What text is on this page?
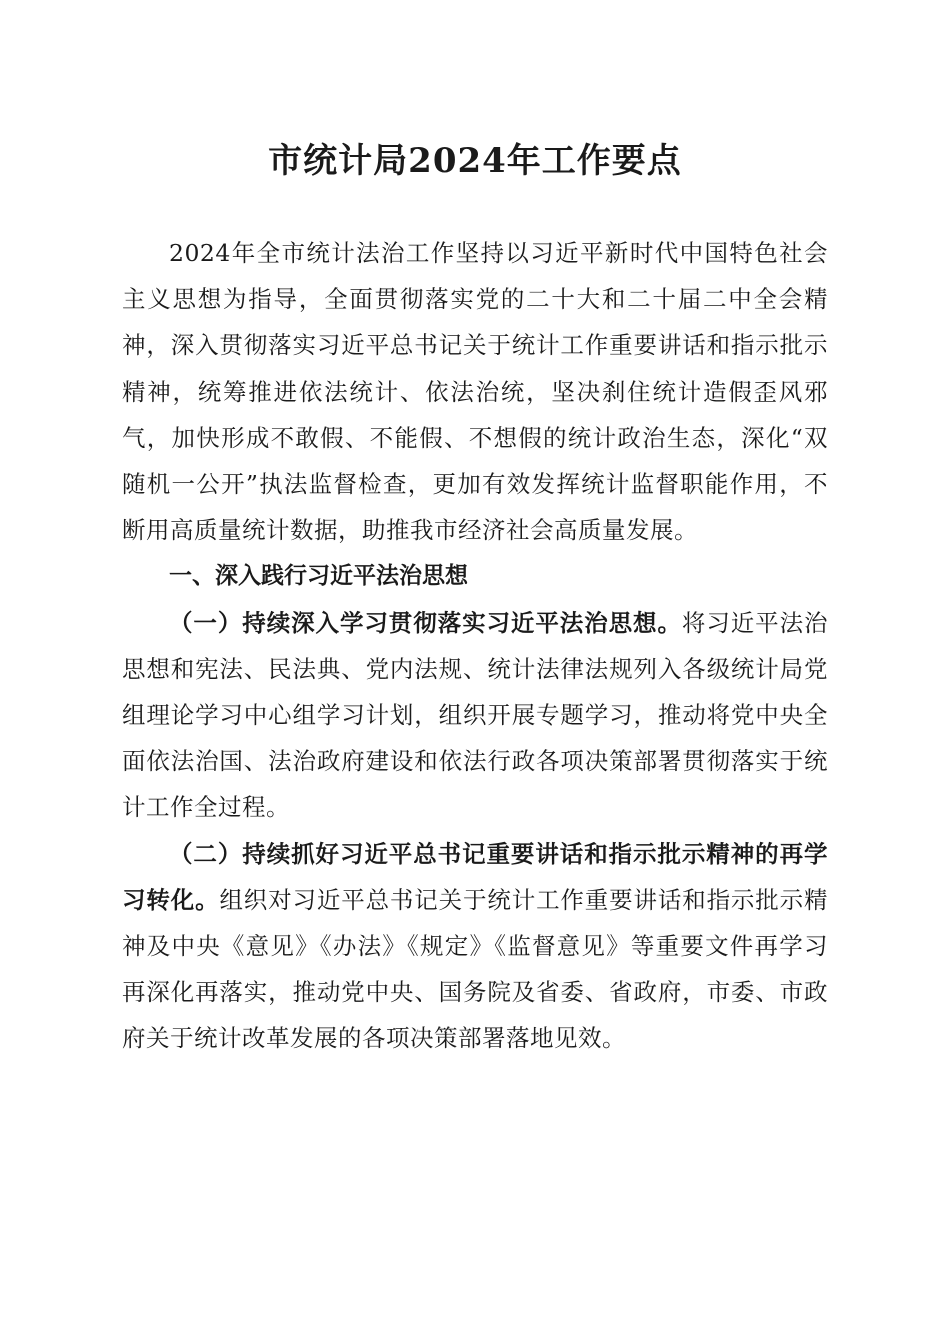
市统计局2024年工作要点

2024年全市统计法治工作坚持以习近平新时代中国特色社会主义思想为指导，全面贯彻落实党的二十大和二十届二中全会精神，深入贯彻落实习近平总书记关于统计工作重要讲话和指示批示精神，统筹推进依法统计、依法治统，坚决刹住统计造假歪风邪气，加快形成不敢假、不能假、不想假的统计政治生态，深化“双随机一公开”执法监督检查，更加有效发挥统计监督职能作用，不断用高质量统计数据，助推我市经济社会高质量发展。

一、深入践行习近平法治思想

（一）持续深入学习贯彻落实习近平法治思想。将习近平法治思想和宪法、民法典、党内法规、统计法律法规列入各级统计局党组理论学习中心组学习计划，组织开展专题学习，推动将党中央全面依法治国、法治政府建设和依法行政各项决策部署贯彻落实于统计工作全过程。

（二）持续抓好习近平总书记重要讲话和指示批示精神的再学习转化。组织对习近平总书记关于统计工作重要讲话和指示批示精神及中央《意见》《办法》《规定》《监督意见》等重要文件再学习再深化再落实，推动党中央、国务院及省委、省政府，市委、市政府关于统计改革发展的各项决策部署落地见效。
